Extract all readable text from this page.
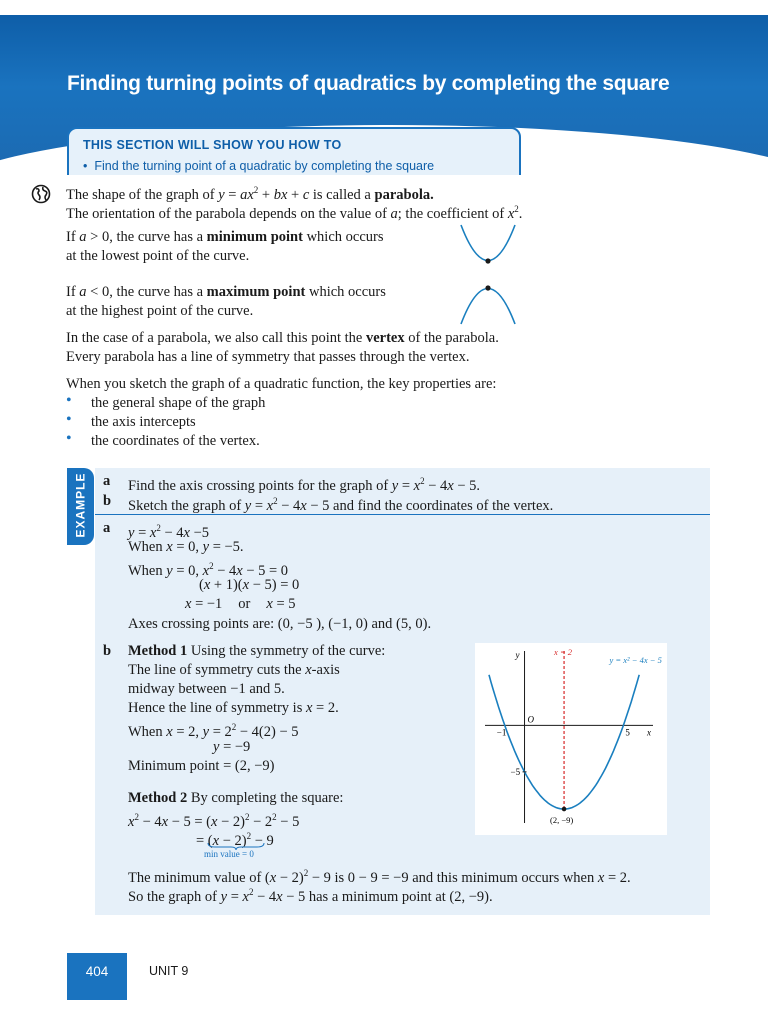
Finding turning points of quadratics by completing the square
THIS SECTION WILL SHOW YOU HOW TO
•  Find the turning point of a quadratic by completing the square
The shape of the graph of $y = ax^2$ + bx + c is called a parabola.
The orientation of the parabola depends on the value of a; the coefficient of $x^2$.
If a > 0, the curve has a minimum point which occurs
at the lowest point of the curve.
If a < 0, the curve has a maximum point which occurs
at the highest point of the curve.
In the case of a parabola, we also call this point the vertex of the parabola.
Every parabola has a line of symmetry that passes through the vertex.
When you sketch the graph of a quadratic function, the key properties are:
• the general shape of the graph
• the axis intercepts
• the coordinates of the vertex.
EXAMPLE a Find the axis crossing points for the graph of $y = x^2 - 4x - 5$.
b Sketch the graph of $y = x^2 - 4x - 5$ and find the coordinates of the vertex.
a $y = x^2 - 4x -5$
When x = 0, y = −5.
When y = 0, $x^2 - 4x - 5 = 0$
(x + 1)(x − 5) = 0
x = −1 or x = 5
Axes crossing points are: (0, −5 ), (−1, 0) and (5, 0).
b Method 1 Using the symmetry of the curve:
The line of symmetry cuts the x-axis
midway between −1 and 5.
Hence the line of symmetry is x = 2.
When x = 2, $y = 2^2 - 4(2) - 5$
y = −9
Minimum point = (2, −9)
Method 2 By completing the square:
$x^2 - 4x - 5 = (x - 2)^2 - 2^2 - 5$
= $(x - 2)^2 - 9$
min value = 0
The minimum value of $(x - 2)^2 - 9$ is 0 − 9 = −9 and this minimum occurs when x = 2.
So the graph of $y = x^2 - 4x - 5$ has a minimum point at (2, −9).
y
x
O
−1	5
−5
x = 2
y = x² − 4x − 5
(2, −9)
404	UNIT 9
